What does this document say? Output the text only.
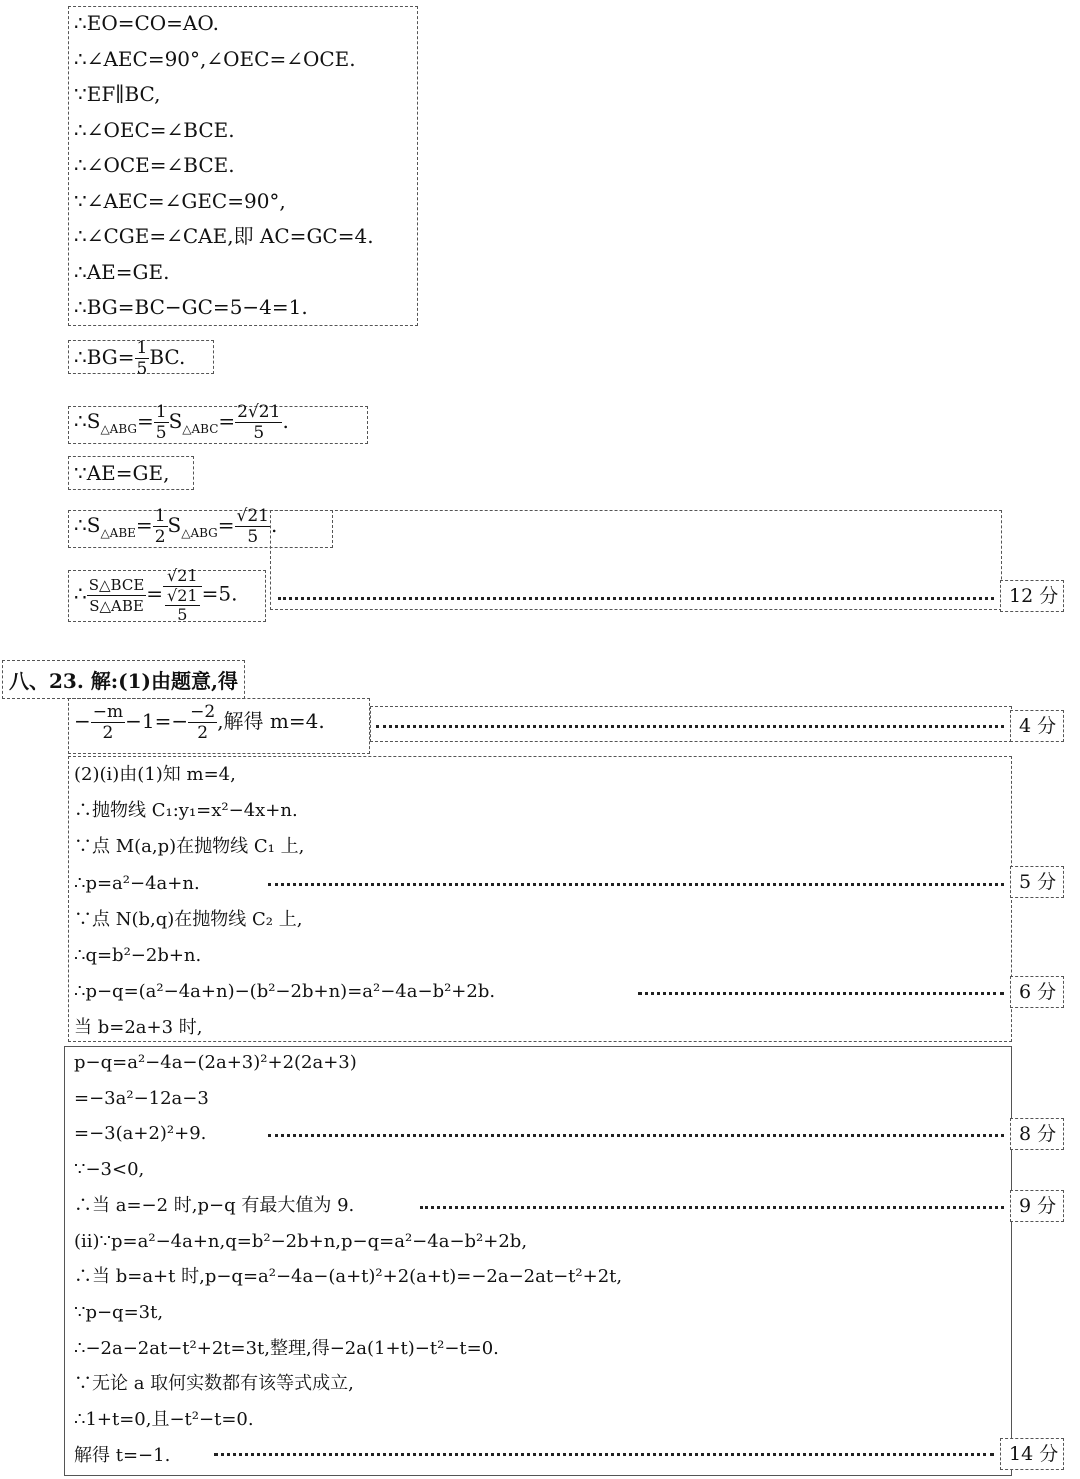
∴EO=CO=AO.
∴∠AEC=90°,∠OEC=∠OCE.
∵EF∥BC,
∴∠OEC=∠BCE.
∴∠OCE=∠BCE.
∵∠AEC=∠GEC=90°,
∴∠CGE=∠CAE,即 AC=GC=4.
∴AE=GE.
∴BG=BC−GC=5−4=1.
∴BG= $\frac{1}{5}$ BC.
$\therefore S_{\triangle ABG}= \frac{1}{5} S_{\triangle ABC}= \frac{2√21}{5}$ .
∵AE=GE,
$\therefore S_{\triangle ABE}= \frac{1}{2} S_{\triangle ABG}= \frac{√21}{5}$ .
∴ $\frac{\text{S△BCE}}{\text{S△ABE}} = \frac{√21}{\frac{√21}{5}} =5$.	12 分
八、23. 解:(1)由题意,得
− $\frac{-m}{2} -1=- \frac{-2}{2}$ ,解得 m=4.	4 分
(2)(ⅰ)由(1)知 m=4,
∴抛物线 C₁:y₁=x²−4x+n.
∵点 M(a,p)在抛物线 C₁ 上,
∴p=a²−4a+n.
∵点 N(b,q)在抛物线 C₂ 上,
∴q=b²−2b+n.
∴p−q=(a²−4a+n)−(b²−2b+n)=a²−4a−b²+2b.
当 b=2a+3 时,
5 分
6 分
p−q=a²−4a−(2a+3)²+2(2a+3)
=−3a²−12a−3
=−3(a+2)²+9.
∵−3<0,
∴当 a=−2 时,p−q 有最大值为 9.
(ⅱ)∵p=a²−4a+n,q=b²−2b+n,p−q=a²−4a−b²+2b,
∴当 b=a+t 时,p−q=a²−4a−(a+t)²+2(a+t)=−2a−2at−t²+2t,
∵p−q=3t,
∴−2a−2at−t²+2t=3t,整理,得−2a(1+t)−t²−t=0.
∵无论 a 取何实数都有该等式成立,
∴1+t=0,且−t²−t=0.
解得 t=−1.
8 分
9 分
14 分
